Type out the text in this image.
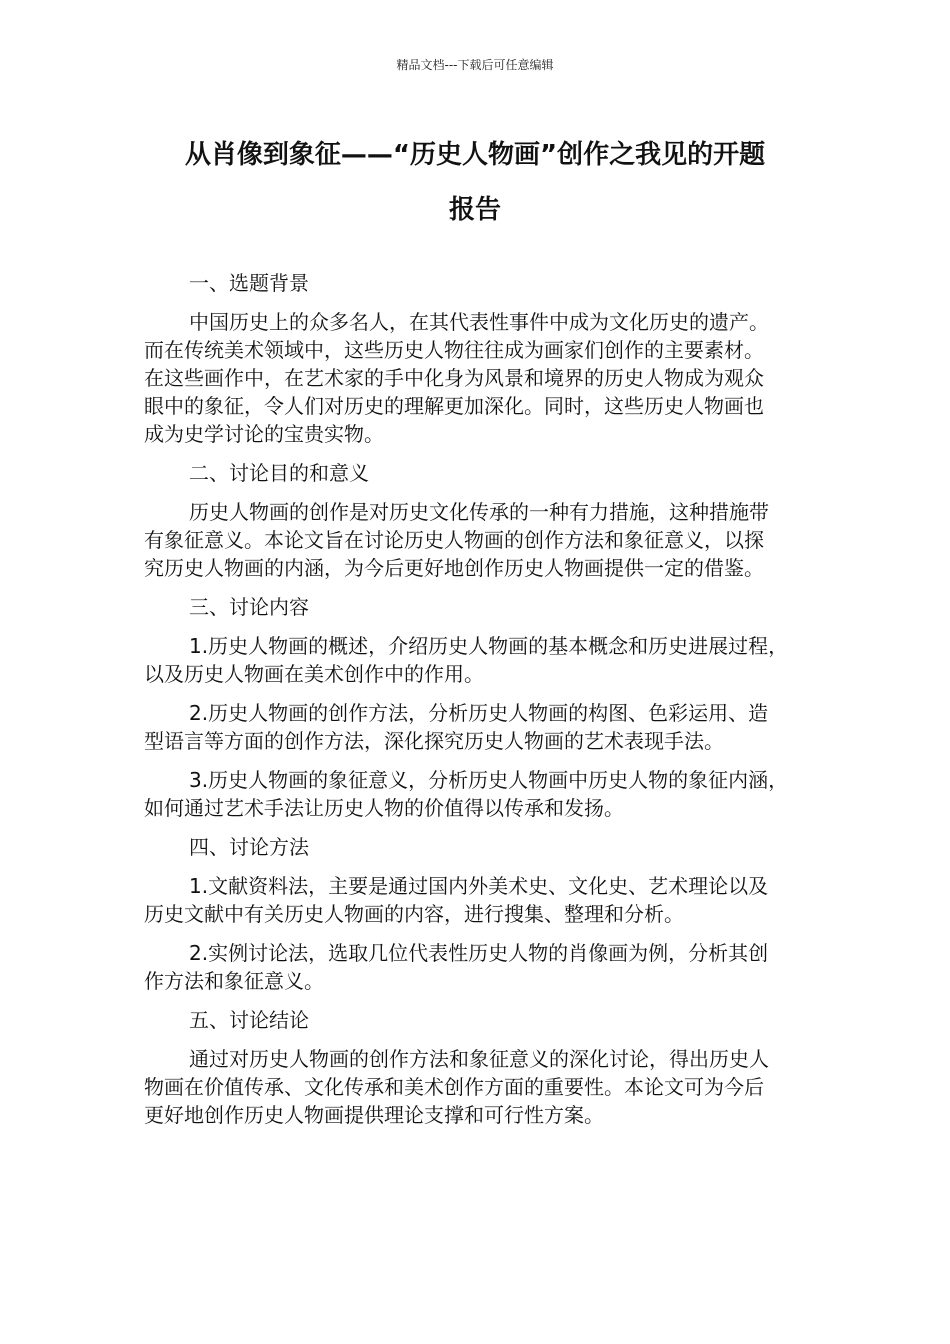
精品文档---下载后可任意编辑
从肖像到象征——“历史人物画”创作之我见的开题
报告

一、选题背景

中国历史上的众多名人，在其代表性事件中成为文化历史的遗产。
而在传统美术领域中，这些历史人物往往成为画家们创作的主要素材。
在这些画作中，在艺术家的手中化身为风景和境界的历史人物成为观众
眼中的象征，令人们对历史的理解更加深化。同时，这些历史人物画也
成为史学讨论的宝贵实物。

二、讨论目的和意义

历史人物画的创作是对历史文化传承的一种有力措施，这种措施带
有象征意义。本论文旨在讨论历史人物画的创作方法和象征意义，以探
究历史人物画的内涵，为今后更好地创作历史人物画提供一定的借鉴。

三、讨论内容

1.历史人物画的概述，介绍历史人物画的基本概念和历史进展过程，
以及历史人物画在美术创作中的作用。

2.历史人物画的创作方法，分析历史人物画的构图、色彩运用、造
型语言等方面的创作方法，深化探究历史人物画的艺术表现手法。

3.历史人物画的象征意义，分析历史人物画中历史人物的象征内涵，
如何通过艺术手法让历史人物的价值得以传承和发扬。

四、讨论方法

1.文献资料法，主要是通过国内外美术史、文化史、艺术理论以及
历史文献中有关历史人物画的内容，进行搜集、整理和分析。

2.实例讨论法，选取几位代表性历史人物的肖像画为例，分析其创
作方法和象征意义。

五、讨论结论

通过对历史人物画的创作方法和象征意义的深化讨论，得出历史人
物画在价值传承、文化传承和美术创作方面的重要性。本论文可为今后
更好地创作历史人物画提供理论支撑和可行性方案。
